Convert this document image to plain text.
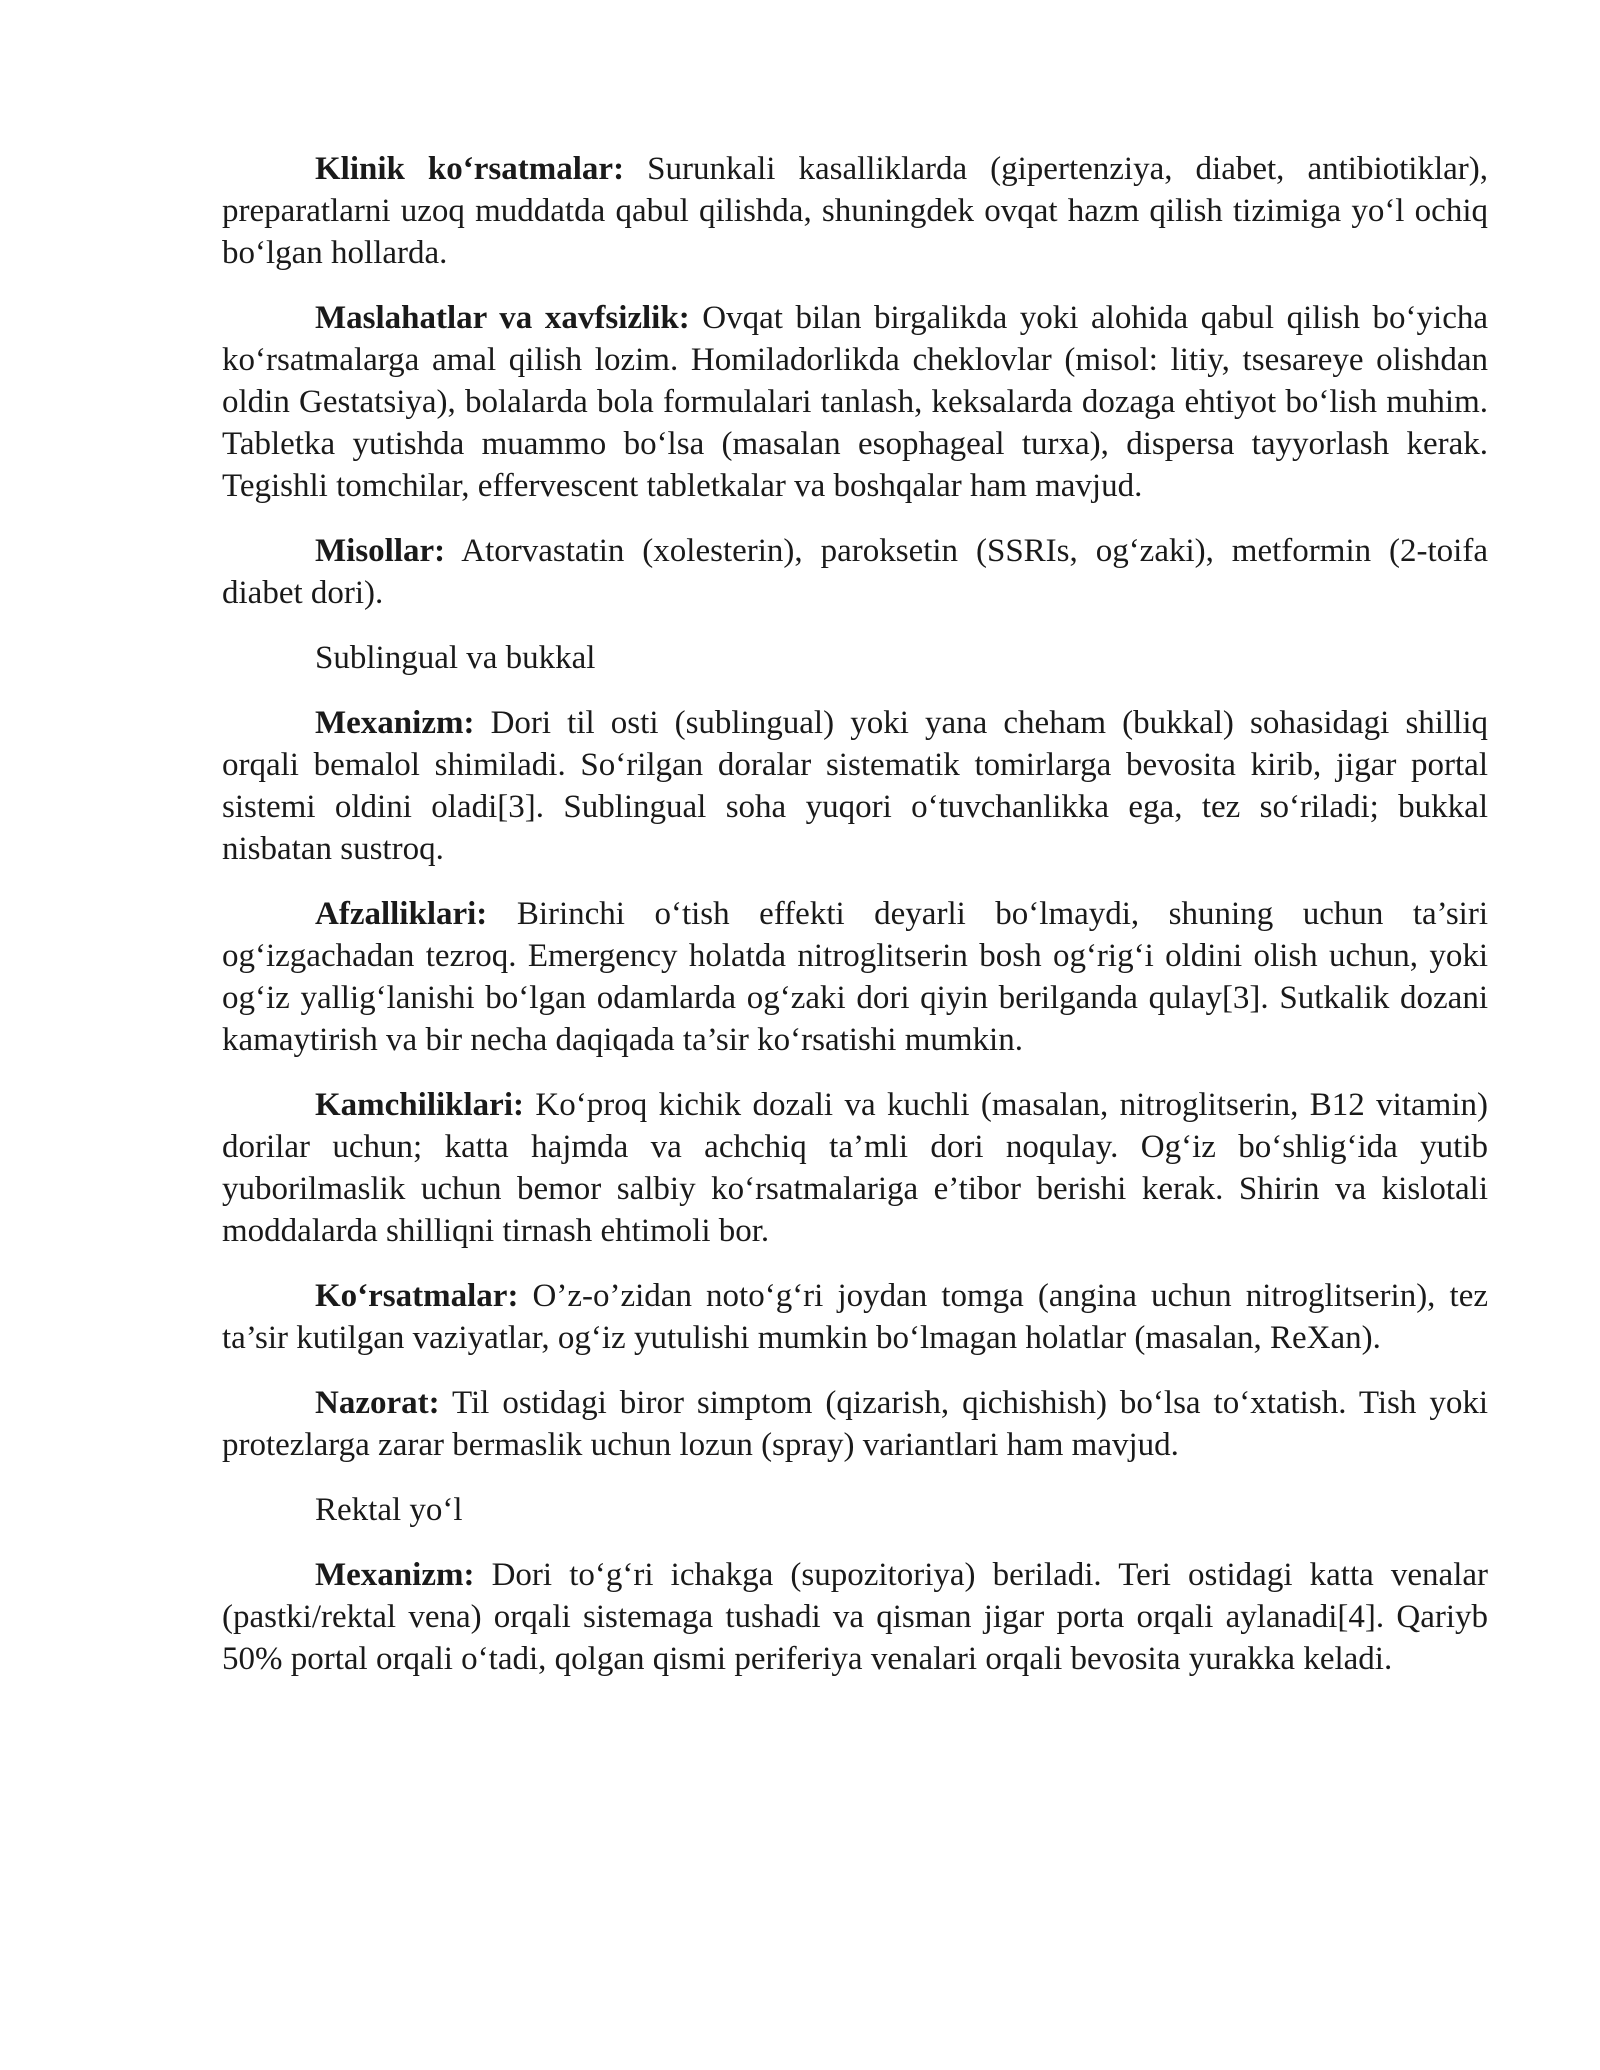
Klinik ko‘rsatmalar: Surunkali kasalliklarda (gipertenziya, diabet, antibiotiklar), preparatlarni uzoq muddatda qabul qilishda, shuningdek ovqat hazm qilish tizimiga yo‘l ochiq bo‘lgan hollarda.

Maslahatlar va xavfsizlik: Ovqat bilan birgalikda yoki alohida qabul qilish bo‘yicha ko‘rsatmalarga amal qilish lozim. Homiladorlikda cheklovlar (misol: litiy, tsesareye olishdan oldin Gestatsiya), bolalarda bola formulalari tanlash, keksalarda dozaga ehtiyot bo‘lish muhim. Tabletka yutishda muammo bo‘lsa (masalan esophageal turxa), dispersa tayyorlash kerak. Tegishli tomchilar, effervescent tabletkalar va boshqalar ham mavjud.

Misollar: Atorvastatin (xolesterin), paroksetin (SSRIs, og‘zaki), metformin (2-toifa diabet dori).

Sublingual va bukkal

Mexanizm: Dori til osti (sublingual) yoki yana cheham (bukkal) sohasidagi shilliq orqali bemalol shimiladi. So‘rilgan doralar sistematik tomirlarga bevosita kirib, jigar portal sistemi oldini oladi[3]. Sublingual soha yuqori o‘tuvchanlikka ega, tez so‘riladi; bukkal nisbatan sustroq.

Afzalliklari: Birinchi o‘tish effekti deyarli bo‘lmaydi, shuning uchun ta’siri og‘izgachadan tezroq. Emergency holatda nitroglitserin bosh og‘rig‘i oldini olish uchun, yoki og‘iz yallig‘lanishi bo‘lgan odamlarda og‘zaki dori qiyin berilganda qulay[3]. Sutkalik dozani kamaytirish va bir necha daqiqada ta’sir ko‘rsatishi mumkin.

Kamchiliklari: Ko‘proq kichik dozali va kuchli (masalan, nitroglitserin, B12 vitamin) dorilar uchun; katta hajmda va achchiq ta’mli dori noqulay. Og‘iz bo‘shlig‘ida yutib yuborilmaslik uchun bemor salbiy ko‘rsatmalariga e’tibor berishi kerak. Shirin va kislotali moddalarda shilliqni tirnash ehtimoli bor.

Ko‘rsatmalar: O’z-o’zidan noto‘g‘ri joydan tomga (angina uchun nitroglitserin), tez ta’sir kutilgan vaziyatlar, og‘iz yutulishi mumkin bo‘lmagan holatlar (masalan, ReXan).

Nazorat: Til ostidagi biror simptom (qizarish, qichishish) bo‘lsa to‘xtatish. Tish yoki protezlarga zarar bermaslik uchun lozun (spray) variantlari ham mavjud.

Rektal yo‘l

Mexanizm: Dori to‘g‘ri ichakga (supozitoriya) beriladi. Teri ostidagi katta venalar (pastki/rektal vena) orqali sistemaga tushadi va qisman jigar porta orqali aylanadi[4]. Qariyb 50% portal orqali o‘tadi, qolgan qismi periferiya venalari orqali bevosita yurakka keladi.
